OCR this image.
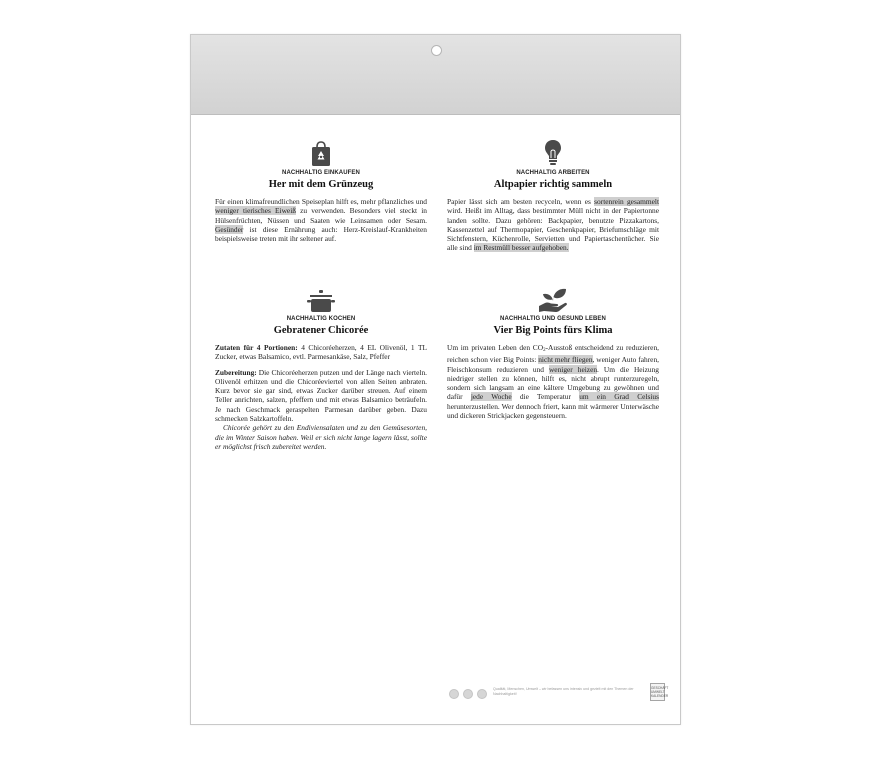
NACHHALTIG EINKAUFEN
Her mit dem Grünzeug

Für einen klimafreundlichen Speiseplan hilft es, mehr pflanzliches und weniger tierisches Eiweiß zu verwenden. Besonders viel steckt in Hülsenfrüchten, Nüssen und Saaten wie Leinsamen oder Sesam. Gesünder ist diese Ernährung auch: Herz-Kreislauf-Krankheiten beispielsweise treten mit ihr seltener auf.

NACHHALTIG ARBEITEN
Altpapier richtig sammeln

Papier lässt sich am besten recyceln, wenn es sortenrein gesammelt wird. Heißt im Alltag, dass bestimmter Müll nicht in der Papiertonne landen sollte. Dazu gehören: Backpapier, benutzte Pizzakartons, Kassenzettel auf Thermopapier, Geschenkpapier, Briefumschläge mit Sichtfenstern, Küchenrolle, Servietten und Papiertaschentücher. Sie alle sind im Restmüll besser aufgehoben.

NACHHALTIG KOCHEN
Gebratener Chicorée

Zutaten für 4 Portionen: 4 Chicoréeherzen, 4 EL Olivenöl, 1 TL Zucker, etwas Balsamico, evtl. Parmesankäse, Salz, Pfeffer

Zubereitung: Die Chicoréeherzen putzen und der Länge nach vierteln. Olivenöl erhitzen und die Chicoréeviertel von allen Seiten anbraten. Kurz bevor sie gar sind, etwas Zucker darüber streuen. Auf einem Teller anrichten, salzen, pfeffern und mit etwas Balsamico beträufeln. Je nach Geschmack geraspelten Parmesan darüber geben. Dazu schmecken Salzkartoffeln.

Chicorée gehört zu den Endiviensalaten und zu den Gemüsesorten, die im Winter Saison haben. Weil er sich nicht lange lagern lässt, sollte er möglichst frisch zubereitet werden.

NACHHALTIG UND GESUND LEBEN
Vier Big Points fürs Klima

Um im privaten Leben den $CO_2$-Ausstoß entscheidend zu reduzieren, reichen schon vier Big Points: nicht mehr fliegen, weniger Auto fahren, Fleischkonsum reduzieren und weniger heizen. Um die Heizung niedriger stellen zu können, hilft es, nicht abrupt runterzuregeln, sondern sich langsam an eine kältere Umgebung zu gewöhnen und dafür jede Woche die Temperatur um ein Grad Celsius herunterzustellen. Wer dennoch friert, kann mit wärmerer Unterwäsche und dickeren Strickjacken gegensteuern.

Qualität, Menschen, Umwelt – wir befassen uns intensiv und gezielt mit den Themen der Nachhaltigkeit!
GESCHÄFT UMWELT KALENDER
